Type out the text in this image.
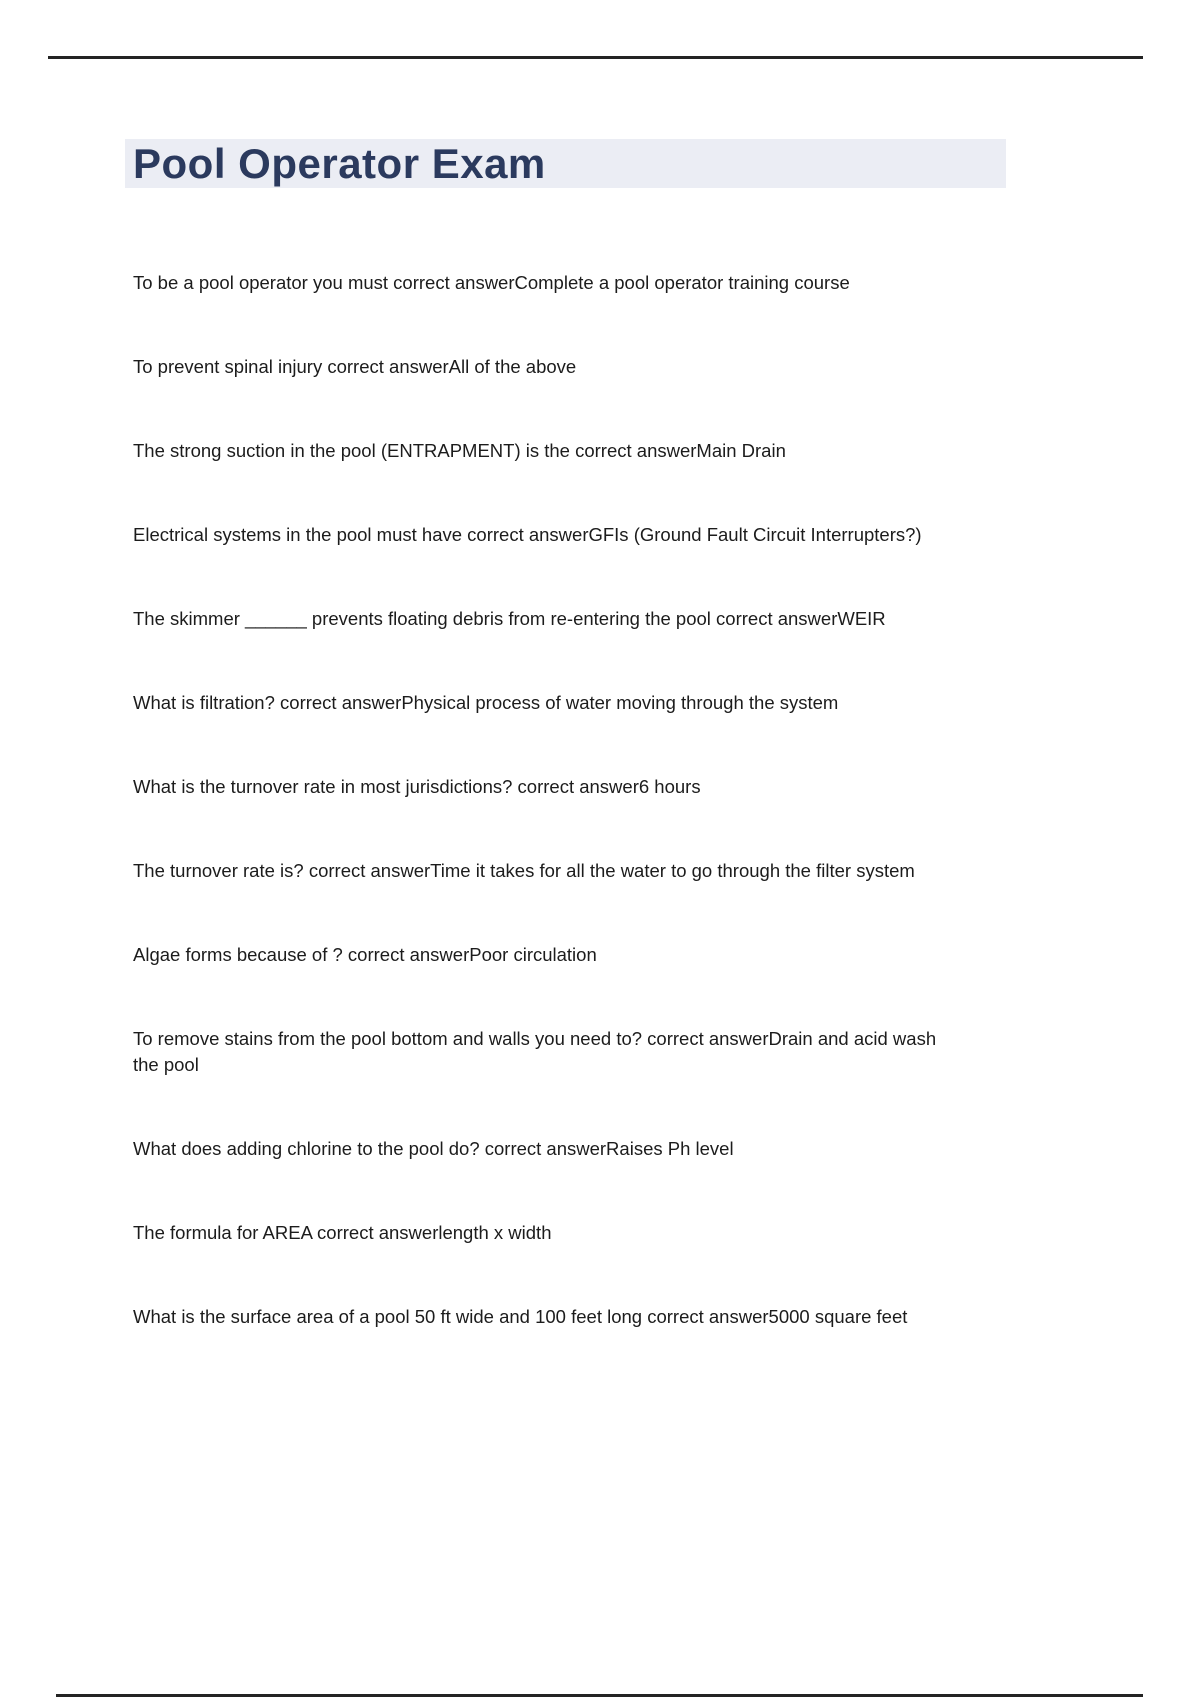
Pool Operator Exam

To be a pool operator you must correct answerComplete a pool operator training course

To prevent spinal injury correct answerAll of the above

The strong suction in the pool (ENTRAPMENT) is the correct answerMain Drain

Electrical systems in the pool must have correct answerGFIs (Ground Fault Circuit Interrupters?)

The skimmer ______ prevents floating debris from re-entering the pool correct answerWEIR

What is filtration? correct answerPhysical process of water moving through the system

What is the turnover rate in most jurisdictions? correct answer6 hours

The turnover rate is? correct answerTime it takes for all the water to go through the filter system

Algae forms because of ? correct answerPoor circulation

To remove stains from the pool bottom and walls you need to? correct answerDrain and acid wash the pool

What does adding chlorine to the pool do? correct answerRaises Ph level

The formula for AREA correct answerlength x width

What is the surface area of a pool 50 ft wide and 100 feet long correct answer5000 square feet
